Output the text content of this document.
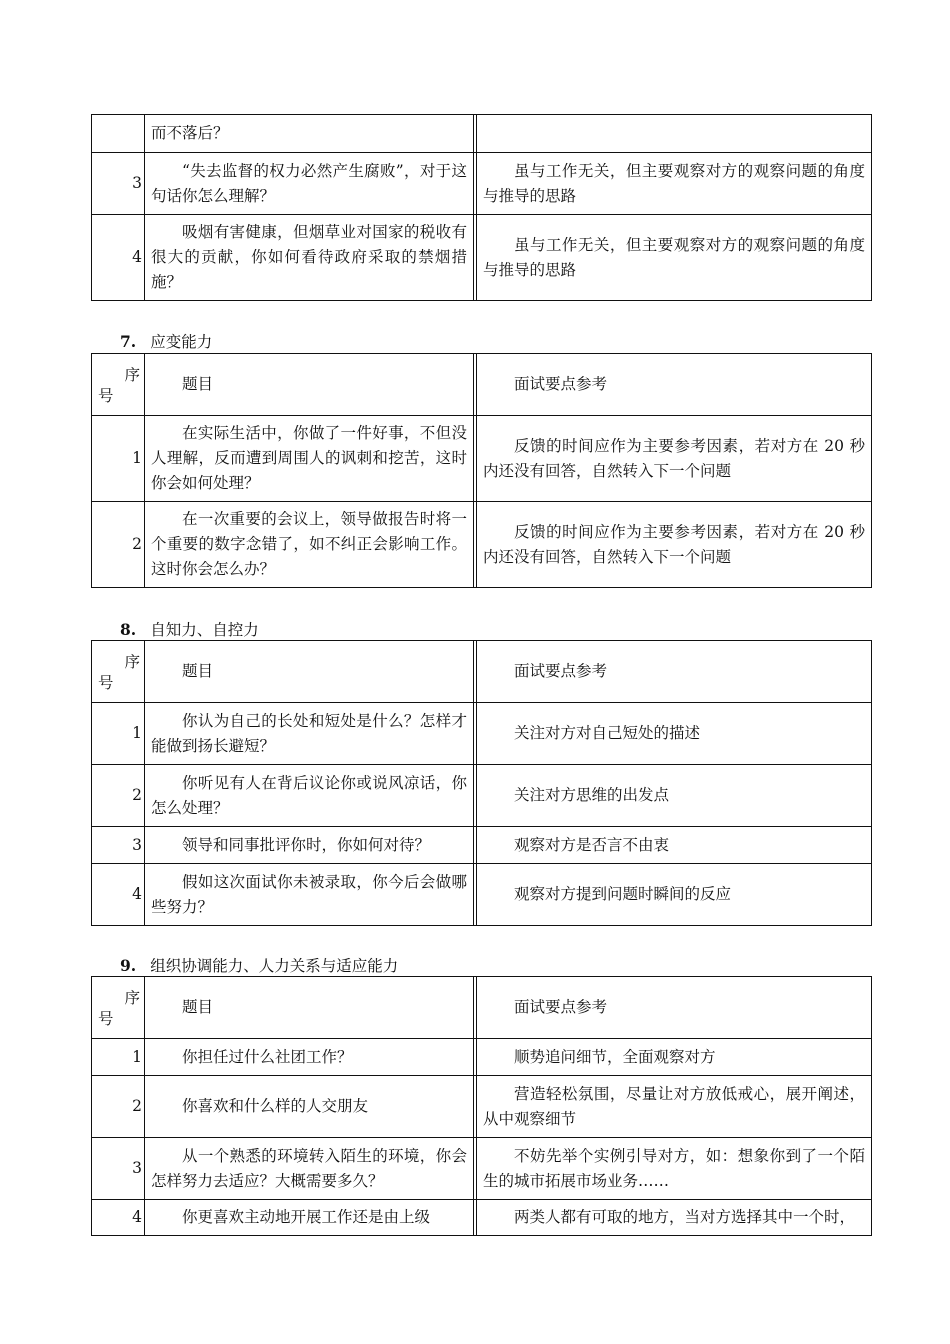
	而不落后？		
3	“失去监督的权力必然产生腐败”，对于这句话你怎么理解？		虽与工作无关，但主要观察对方的观察问题的角度与推导的思路

4	吸烟有害健康，但烟草业对国家的税收有很大的贡献，你如何看待政府采取的禁烟措施？		虽与工作无关，但主要观察对方的观察问题的角度与推导的思路
7. 应变能力
序
号	题目		面试要点参考

1	在实际生活中，你做了一件好事，不但没人理解，反而遭到周围人的讽刺和挖苦，这时你会如何处理？		反馈的时间应作为主要参考因素，若对方在 20 秒内还没有回答，自然转入下一个问题

2	在一次重要的会议上，领导做报告时将一个重要的数字念错了，如不纠正会影响工作。这时你会怎么办？		反馈的时间应作为主要参考因素，若对方在 20 秒内还没有回答，自然转入下一个问题
8. 自知力、自控力
序
号	题目		面试要点参考

1	你认为自己的长处和短处是什么？怎样才能做到扬长避短？		关注对方对自己短处的描述

2	你听见有人在背后议论你或说风凉话，你怎么处理？		关注对方思维的出发点

3	领导和同事批评你时，你如何对待？		观察对方是否言不由衷

4	假如这次面试你未被录取，你今后会做哪些努力？		观察对方提到问题时瞬间的反应
9. 组织协调能力、人力关系与适应能力
序
号	题目		面试要点参考

1	你担任过什么社团工作？		顺势追问细节，全面观察对方

2	你喜欢和什么样的人交朋友		营造轻松氛围，尽量让对方放低戒心，展开阐述，从中观察细节

3	从一个熟悉的环境转入陌生的环境，你会怎样努力去适应？大概需要多久？		不妨先举个实例引导对方，如：想象你到了一个陌生的城市拓展市场业务……

4	你更喜欢主动地开展工作还是由上级		两类人都有可取的地方，当对方选择其中一个时，
